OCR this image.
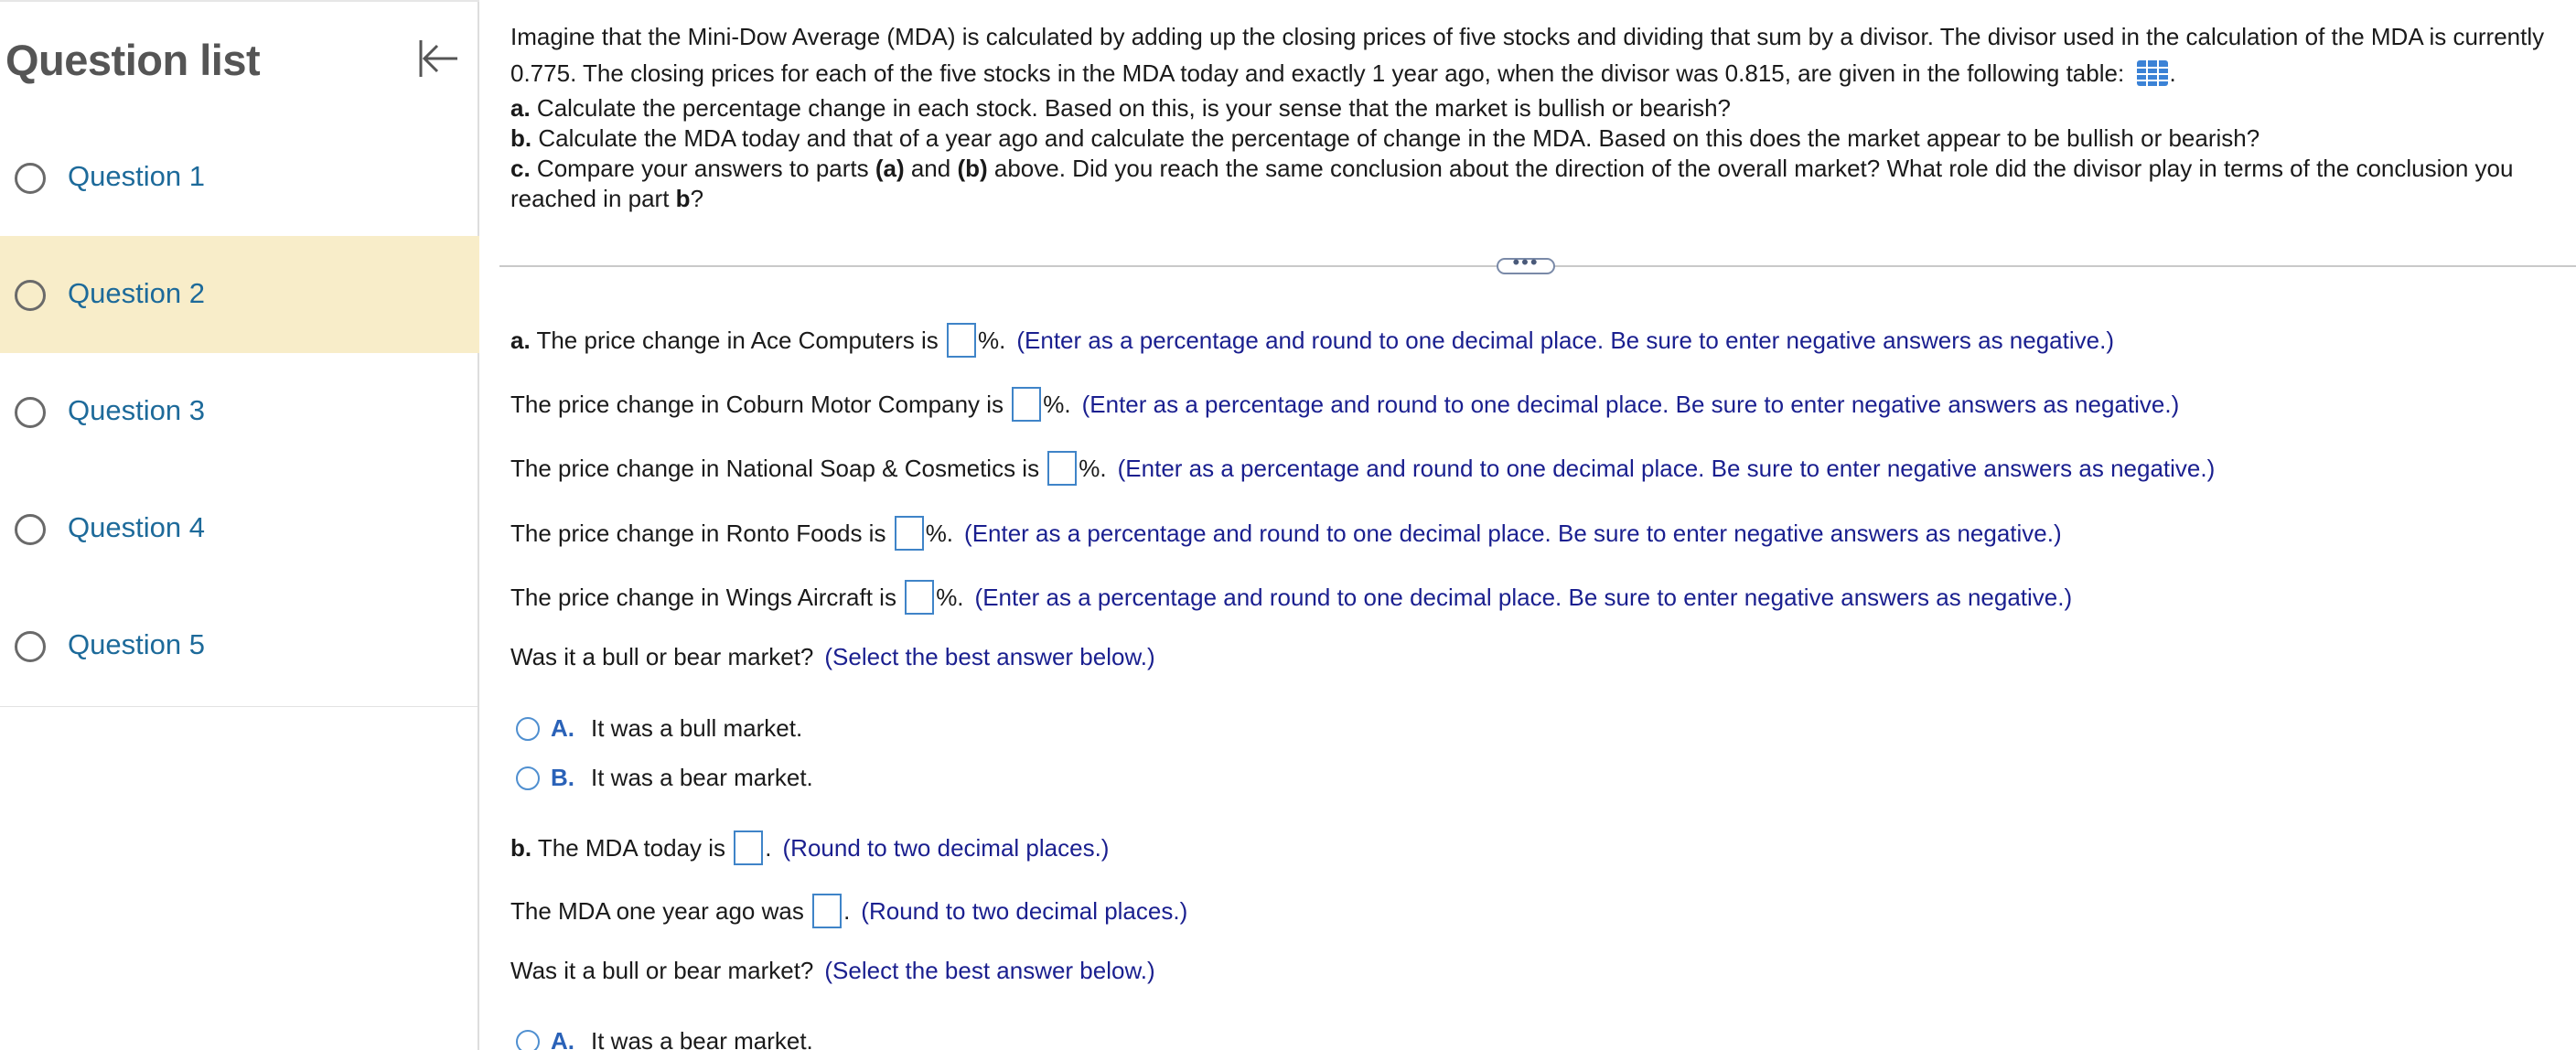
Question list
Question 1
Question 2
Question 3
Question 4
Question 5

Imagine that the Mini-Dow Average (MDA) is calculated by adding up the closing prices of five stocks and dividing that sum by a divisor. The divisor used in the calculation of the MDA is currently
0.775. The closing prices for each of the five stocks in the MDA today and exactly 1 year ago, when the divisor was 0.815, are given in the following table: .

a. Calculate the percentage change in each stock. Based on this, is your sense that the market is bullish or bearish?

b. Calculate the MDA today and that of a year ago and calculate the percentage of change in the MDA. Based on this does the market appear to be bullish or bearish?

c. Compare your answers to parts (a) and (b) above. Did you reach the same conclusion about the direction of the overall market? What role did the divisor play in terms of the conclusion you
reached in part b?

•••
a. The price change in Ace Computers is %. (Enter as a percentage and round to one decimal place. Be sure to enter negative answers as negative.)
The price change in Coburn Motor Company is %. (Enter as a percentage and round to one decimal place. Be sure to enter negative answers as negative.)
The price change in National Soap & Cosmetics is %. (Enter as a percentage and round to one decimal place. Be sure to enter negative answers as negative.)
The price change in Ronto Foods is %. (Enter as a percentage and round to one decimal place. Be sure to enter negative answers as negative.)
The price change in Wings Aircraft is %. (Enter as a percentage and round to one decimal place. Be sure to enter negative answers as negative.)
Was it a bull or bear market? (Select the best answer below.)
A. It was a bull market.
B. It was a bear market.
b. The MDA today is . (Round to two decimal places.)
The MDA one year ago was . (Round to two decimal places.)
Was it a bull or bear market? (Select the best answer below.)
A. It was a bear market.
